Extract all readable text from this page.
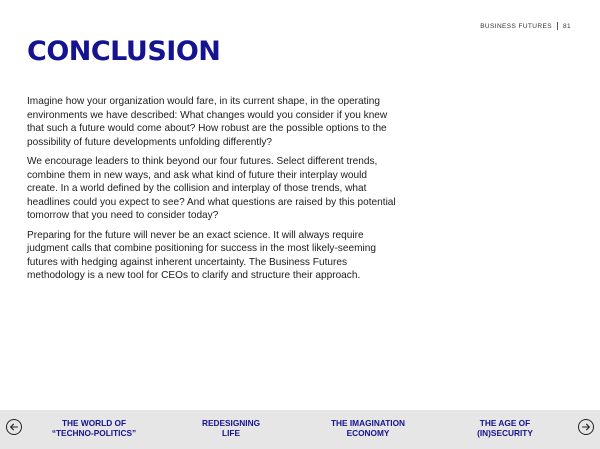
BUSINESS FUTURES 81
CONCLUSION

Imagine how your organization would fare, in its current shape, in the operating environments we have described: What changes would you consider if you knew that such a future would come about? How robust are the possible options to the possibility of future developments unfolding differently?

We encourage leaders to think beyond our four futures. Select different trends, combine them in new ways, and ask what kind of future their interplay would create. In a world defined by the collision and interplay of those trends, what headlines could you expect to see? And what questions are raised by this potential tomorrow that you need to consider today?

Preparing for the future will never be an exact science. It will always require judgment calls that combine positioning for success in the most likely-seeming futures with hedging against inherent uncertainty. The Business Futures methodology is a new tool for CEOs to clarify and structure their approach.

THE WORLD OF
“TECHNO-POLITICS”
REDESIGNING
LIFE
THE IMAGINATION
ECONOMY
THE AGE OF
(IN)SECURITY
